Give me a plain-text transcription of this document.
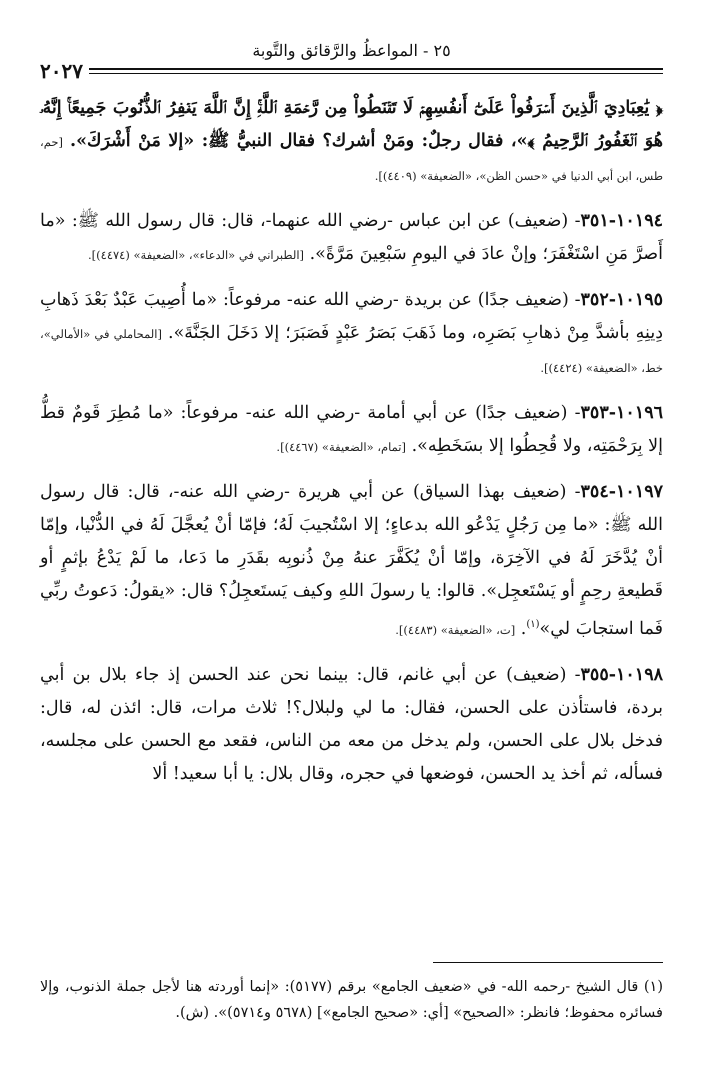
٢٥ - المواعظُ والرَّقائق والتَّوبة
٢٠٢٧

﴿ يَٰعِبَادِيَ ٱلَّذِينَ أَسۡرَفُواْ عَلَىٰٓ أَنفُسِهِمۡ لَا تَقۡنَطُواْ مِن رَّحۡمَةِ ٱللَّهِۚ إِنَّ ٱللَّهَ يَغۡفِرُ ٱلذُّنُوبَ جَمِيعًاۚ إِنَّهُۥ هُوَ ٱلۡغَفُورُ ٱلرَّحِيمُ ﴾»، فقال رجلٌ: ومَنْ أشرك؟ فقال النبيُّ ﷺ: «إلا مَنْ أَشْرَكَ». [حم، طس، ابن أبي الدنيا في «حسن الظن»، «الضعيفة» (٤٤٠٩)].

١٠١٩٤-٣٥١- (ضعيف) عن ابن عباس -رضي الله عنهما-، قال: قال رسول الله ﷺ: «ما أَصرَّ مَنِ اسْتَغْفَرَ؛ وإنْ عادَ في اليومِ سَبْعِينَ مَرَّةً». [الطبراني في «الدعاء»، «الضعيفة» (٤٤٧٤)].

١٠١٩٥-٣٥٢- (ضعيف جدًا) عن بريدة -رضي الله عنه- مرفوعاً: «ما أُصِيبَ عَبْدٌ بَعْدَ ذَهابِ دِينِهِ بأشدَّ مِنْ ذهابِ بَصَرِه، وما ذَهَبَ بَصَرُ عَبْدٍ فَصَبَرَ؛ إلا دَخَلَ الجَنَّةَ». [المحاملي في «الأمالي»، خط، «الضعيفة» (٤٤٢٤)].

١٠١٩٦-٣٥٣- (ضعيف جدًا) عن أبي أمامة -رضي الله عنه- مرفوعاً: «ما مُطِرَ قَومٌ قطُّ إلا بِرَحْمَتِه، ولا قُحِطُوا إلا بسَخَطِه». [تمام، «الضعيفة» (٤٤٦٧)].

١٠١٩٧-٣٥٤- (ضعيف بهذا السياق) عن أبي هريرة -رضي الله عنه-، قال: قال رسول الله ﷺ: «ما مِن رَجُلٍ يَدْعُو الله بدعاءٍ؛ إلا اسْتُجيبَ لَهُ؛ فإمّا أنْ يُعجَّلَ لَهُ في الدُّنْيا، وإمّا أنْ يُدَّخَرَ لَهُ في الآخِرَة، وإمّا أنْ يُكَفَّرَ عنهُ مِنْ ذُنوبِه بقَدَرِ ما دَعا، ما لَمْ يَدْعُ بإثمٍ أو قَطيعةِ رحِمٍ أو يَسْتَعجِل». قالوا: يا رسولَ اللهِ وكيف يَستَعجِلُ؟ قال: «يقولُ: دَعوتُ ربِّي فَما استجابَ لي»$^{(١)}$. [ت، «الضعيفة» (٤٤٨٣)].

١٠١٩٨-٣٥٥- (ضعيف) عن أبي غانم، قال: بينما نحن عند الحسن إذ جاء بلال بن أبي بردة، فاستأذن على الحسن، فقال: ما لي ولبلال؟! ثلاث مرات، قال: ائذن له، قال: فدخل بلال على الحسن، ولم يدخل من معه من الناس، فقعد مع الحسن على مجلسه، فسأله، ثم أخذ يد الحسن، فوضعها في حجره، وقال بلال: يا أبا سعيد! ألا

(١) قال الشيخ -رحمه الله- في «ضعيف الجامع» برقم (٥١٧٧): «إنما أوردته هنا لأجل جملة الذنوب، وإلا فسائره محفوظ؛ فانظر: «الصحيح» [أي: «صحيح الجامع»] (٥٦٧٨ و٥٧١٤)». (ش).
